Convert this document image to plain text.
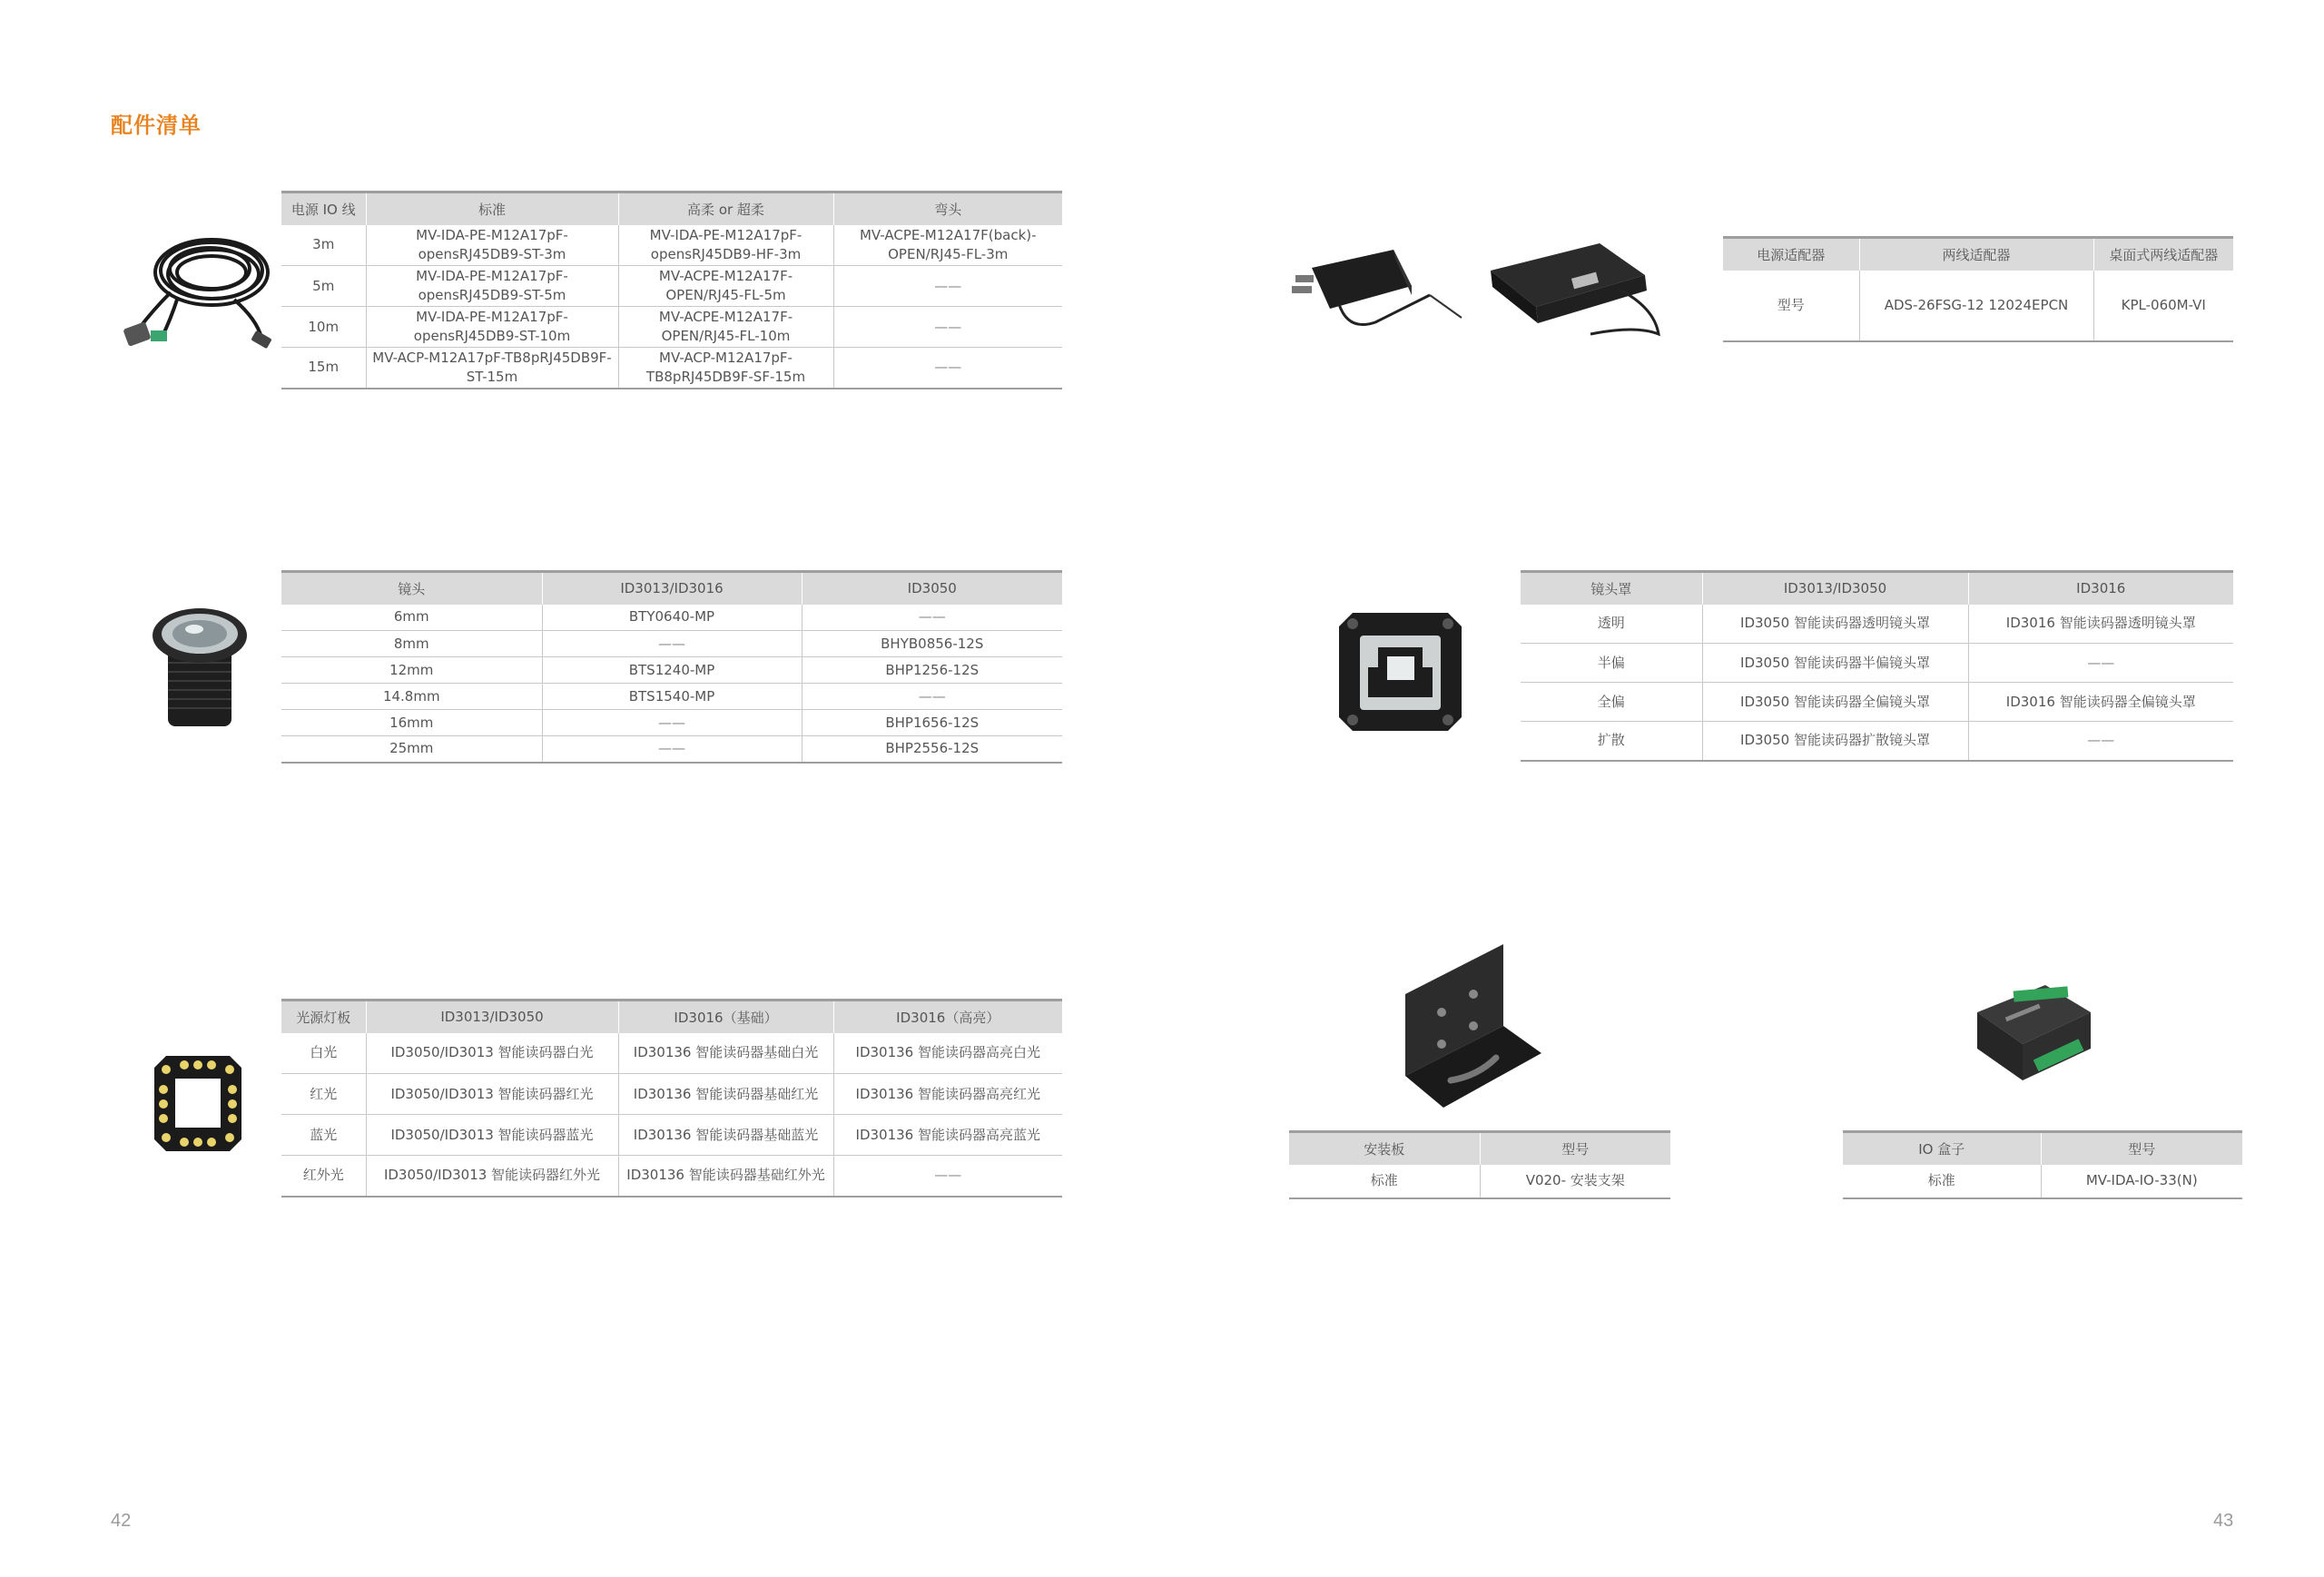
配件清单
电源 IO 线	标准	高柔 or 超柔	弯头
3m	MV-IDA-PE-M12A17pF-opensRJ45DB9-ST-3m	MV-IDA-PE-M12A17pF-opensRJ45DB9-HF-3m	MV-ACPE-M12A17F(back)-OPEN/RJ45-FL-3m
5m	MV-IDA-PE-M12A17pF-opensRJ45DB9-ST-5m	MV-ACPE-M12A17F-OPEN/RJ45-FL-5m	——
10m	MV-IDA-PE-M12A17pF-opensRJ45DB9-ST-10m	MV-ACPE-M12A17F-OPEN/RJ45-FL-10m	——
15m	MV-ACP-M12A17pF-TB8pRJ45DB9F-ST-15m	MV-ACP-M12A17pF-TB8pRJ45DB9F-SF-15m	——
电源适配器	两线适配器	桌面式两线适配器
型号	ADS-26FSG-12 12024EPCN	KPL-060M-VI
镜头	ID3013/ID3016	ID3050
6mm	BTY0640-MP	——
8mm	——	BHYB0856-12S
12mm	BTS1240-MP	BHP1256-12S
14.8mm	BTS1540-MP	——
16mm	——	BHP1656-12S
25mm	——	BHP2556-12S
镜头罩	ID3013/ID3050	ID3016
透明	ID3050 智能读码器透明镜头罩	ID3016 智能读码器透明镜头罩
半偏	ID3050 智能读码器半偏镜头罩	——
全偏	ID3050 智能读码器全偏镜头罩	ID3016 智能读码器全偏镜头罩
扩散	ID3050 智能读码器扩散镜头罩	——
光源灯板	ID3013/ID3050	ID3016（基础）	ID3016（高亮）
白光	ID3050/ID3013 智能读码器白光	ID30136 智能读码器基础白光	ID30136 智能读码器高亮白光
红光	ID3050/ID3013 智能读码器红光	ID30136 智能读码器基础红光	ID30136 智能读码器高亮红光
蓝光	ID3050/ID3013 智能读码器蓝光	ID30136 智能读码器基础蓝光	ID30136 智能读码器高亮蓝光
红外光	ID3050/ID3013 智能读码器红外光	ID30136 智能读码器基础红外光	——
安装板	型号
标准	V020- 安装支架
IO 盒子	型号
标准	MV-IDA-IO-33(N)
42	43
